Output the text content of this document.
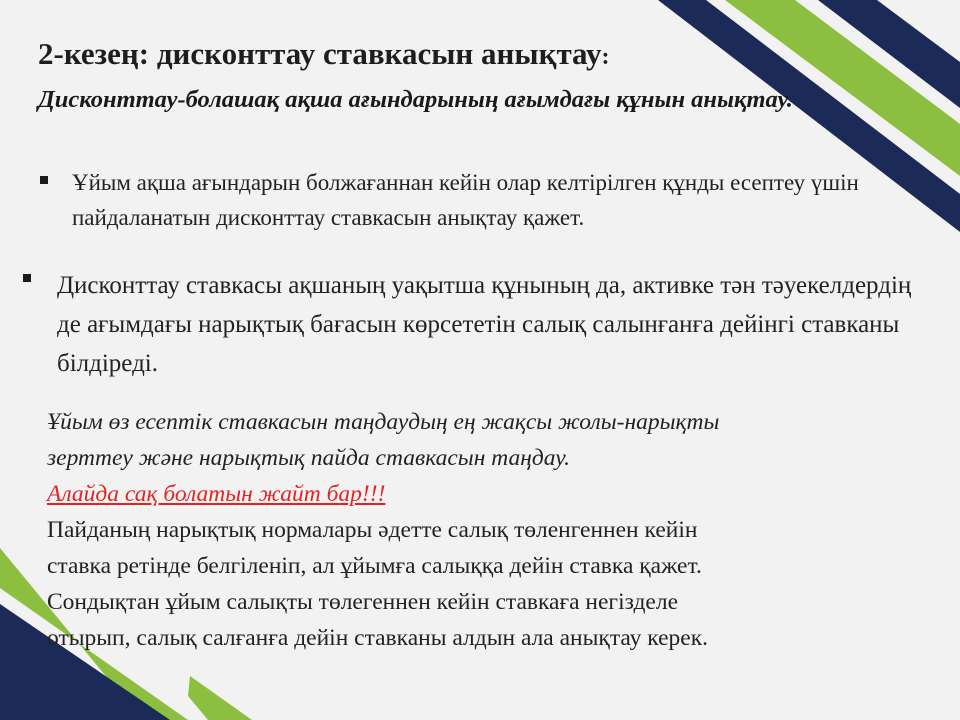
2-кезең: дисконттау ставкасын анықтау:

Дисконттау-болашақ ақша ағындарының ағымдағы құнын анықтау.

Ұйым ақша ағындарын болжағаннан кейін олар келтірілген құнды есептеу үшін пайдаланатын дисконттау ставкасын анықтау қажет.
Дисконттау ставкасы ақшаның уақытша құнының да, активке тән тәуекелдердің де ағымдағы нарықтық бағасын көрсететін салық салынғанға дейінгі ставканы білдіреді.
Ұйым өз есептік ставкасын таңдаудың ең жақсы жолы-нарықты
зерттеу және нарықтық пайда ставкасын таңдау.
Алайда сақ болатын жайт бар!!!
Пайданың нарықтық нормалары әдетте салық төленгеннен кейін
ставка ретінде белгіленіп, ал ұйымға салыққа дейін ставка қажет.
Сондықтан ұйым салықты төлегеннен кейін ставкаға негізделе
отырып, салық салғанға дейін ставканы алдын ала анықтау керек.
